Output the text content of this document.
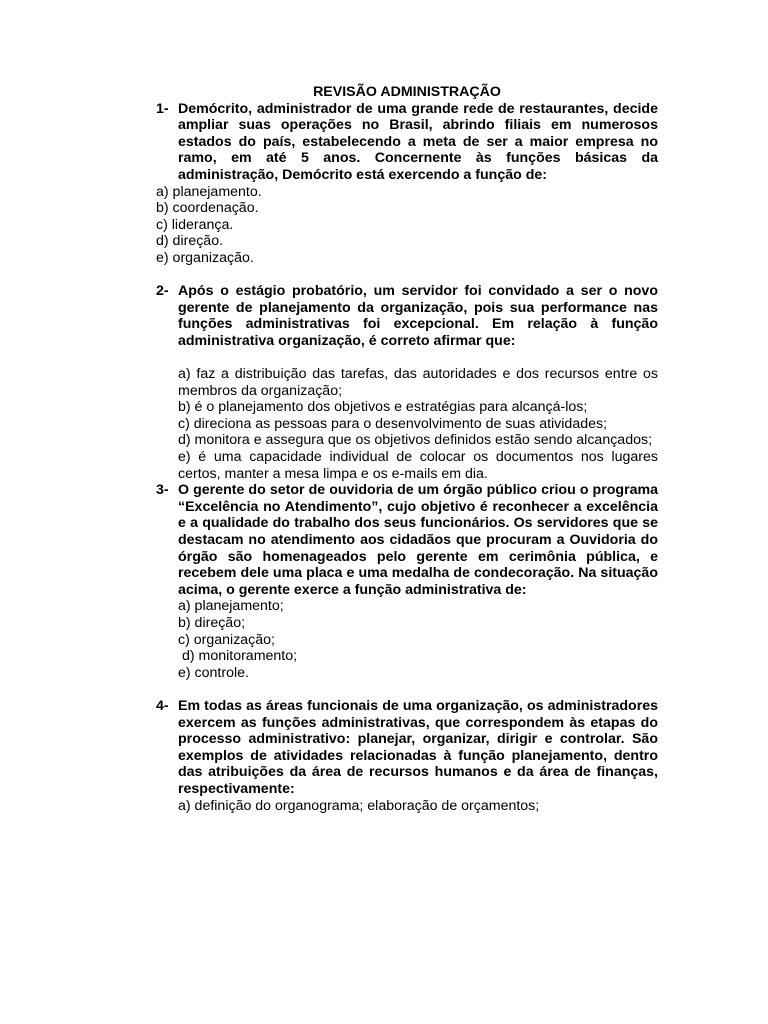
REVISÃO ADMINISTRAÇÃO

1- Demócrito, administrador de uma grande rede de restaurantes, decide ampliar suas operações no Brasil, abrindo filiais em numerosos estados do país, estabelecendo a meta de ser a maior empresa no ramo, em até 5 anos. Concernente às funções básicas da administração, Demócrito está exercendo a função de:

a) planejamento.

b) coordenação.

c) liderança.

d) direção.

e) organização.

2- Após o estágio probatório, um servidor foi convidado a ser o novo gerente de planejamento da organização, pois sua performance nas funções administrativas foi excepcional. Em relação à função administrativa organização, é correto afirmar que:

a) faz a distribuição das tarefas, das autoridades e dos recursos entre os membros da organização;

b) é o planejamento dos objetivos e estratégias para alcançá-los;

c) direciona as pessoas para o desenvolvimento de suas atividades;

d) monitora e assegura que os objetivos definidos estão sendo alcançados;

e) é uma capacidade individual de colocar os documentos nos lugares certos, manter a mesa limpa e os e-mails em dia.

3- O gerente do setor de ouvidoria de um órgão público criou o programa “Excelência no Atendimento”, cujo objetivo é reconhecer a excelência e a qualidade do trabalho dos seus funcionários. Os servidores que se destacam no atendimento aos cidadãos que procuram a Ouvidoria do órgão são homenageados pelo gerente em cerimônia pública, e recebem dele uma placa e uma medalha de condecoração. Na situação acima, o gerente exerce a função administrativa de:

a) planejamento;

b) direção;

c) organização;

d) monitoramento;

e) controle.

4- Em todas as áreas funcionais de uma organização, os administradores exercem as funções administrativas, que correspondem às etapas do processo administrativo: planejar, organizar, dirigir e controlar. São exemplos de atividades relacionadas à função planejamento, dentro das atribuições da área de recursos humanos e da área de finanças, respectivamente:

a) definição do organograma; elaboração de orçamentos;
